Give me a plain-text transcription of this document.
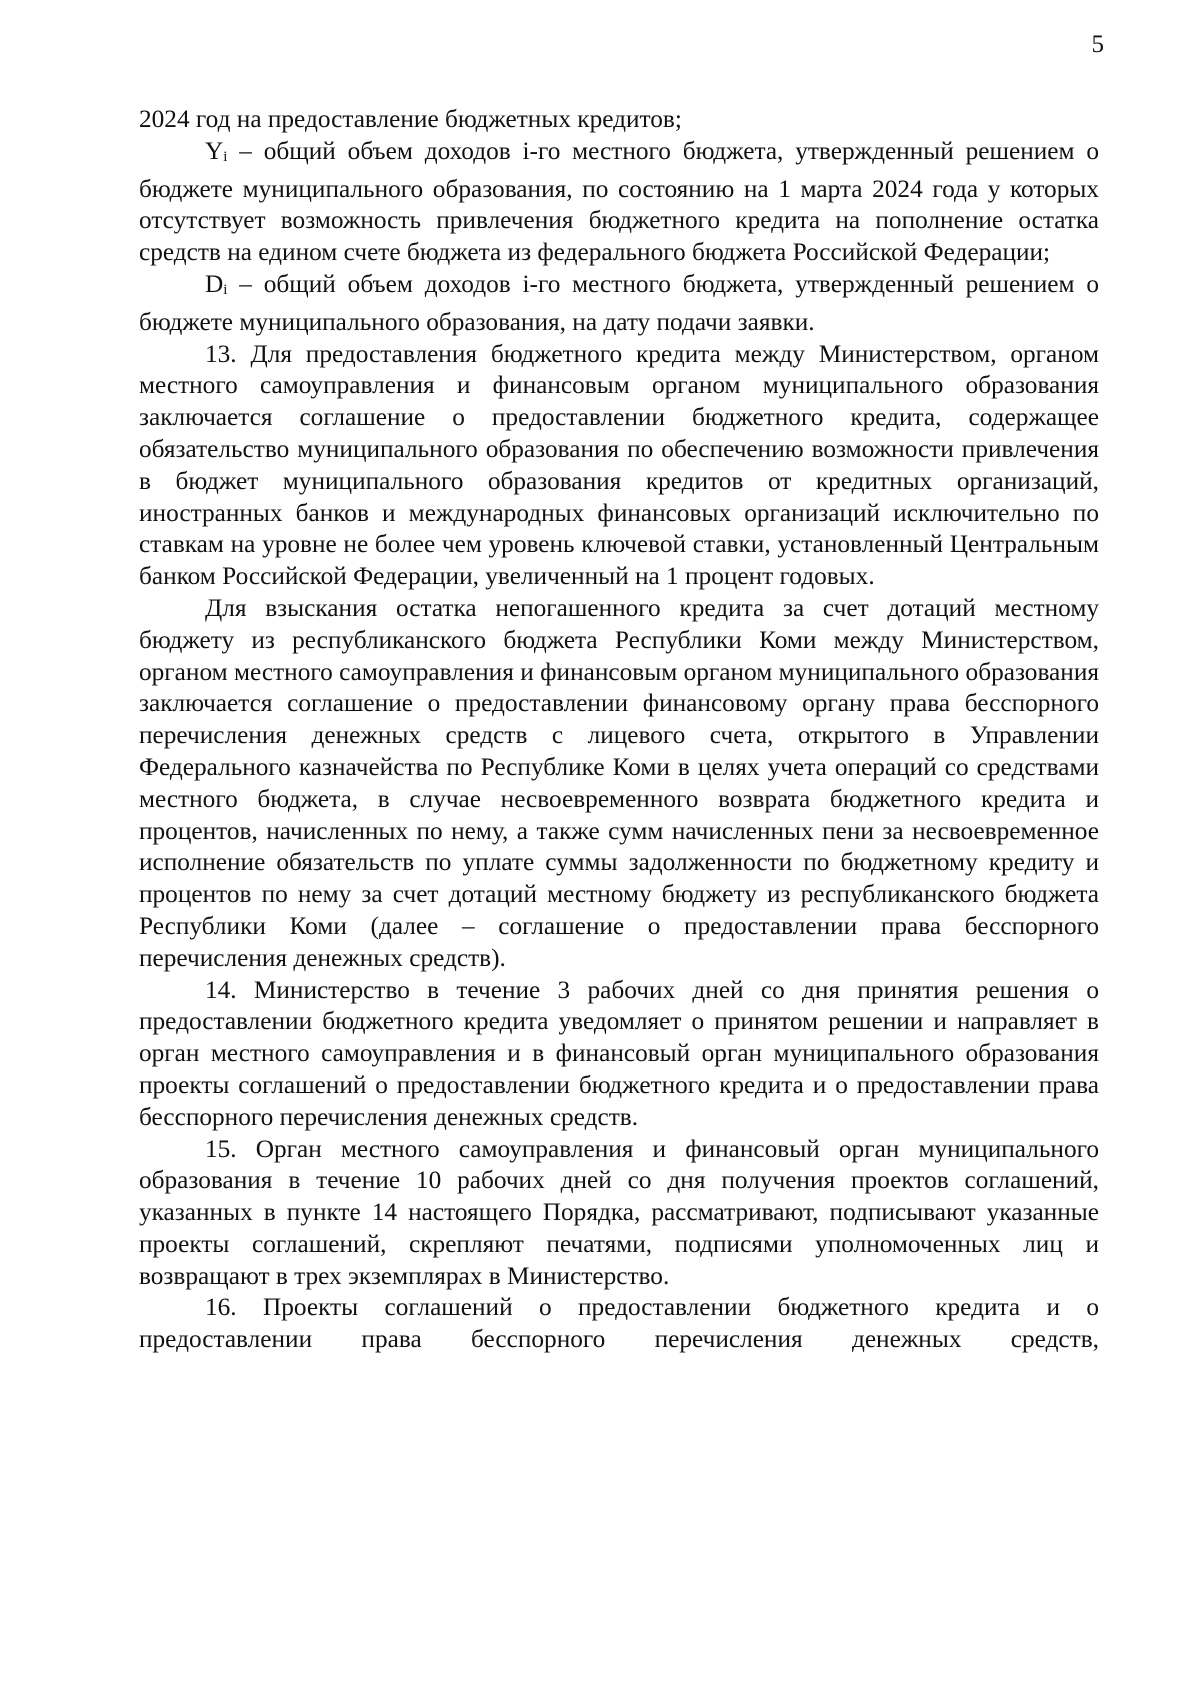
5

2024 год на предоставление бюджетных кредитов;

Yi – общий объем доходов i-го местного бюджета, утвержденный решением о бюджете муниципального образования, по состоянию на 1 марта 2024 года у которых отсутствует возможность привлечения бюджетного кредита на пополнение остатка средств на едином счете бюджета из федерального бюджета Российской Федерации;

Di – общий объем доходов i-го местного бюджета, утвержденный решением о бюджете муниципального образования, на дату подачи заявки.

13. Для предоставления бюджетного кредита между Министерством, органом местного самоуправления и финансовым органом муниципального образования заключается соглашение о предоставлении бюджетного кредита, содержащее обязательство муниципального образования по обеспечению возможности привлечения в бюджет муниципального образования кредитов от кредитных организаций, иностранных банков и международных финансовых организаций исключительно по ставкам на уровне не более чем уровень ключевой ставки, установленный Центральным банком Российской Федерации, увеличенный на 1 процент годовых.

Для взыскания остатка непогашенного кредита за счет дотаций местному бюджету из республиканского бюджета Республики Коми между Министерством, органом местного самоуправления и финансовым органом муниципального образования заключается соглашение о предоставлении финансовому органу права бесспорного перечисления денежных средств с лицевого счета, открытого в Управлении Федерального казначейства по Республике Коми в целях учета операций со средствами местного бюджета, в случае несвоевременного возврата бюджетного кредита и процентов, начисленных по нему, а также сумм начисленных пени за несвоевременное исполнение обязательств по уплате суммы задолженности по бюджетному кредиту и процентов по нему за счет дотаций местному бюджету из республиканского бюджета Республики Коми (далее – соглашение о предоставлении права бесспорного перечисления денежных средств).

14. Министерство в течение 3 рабочих дней со дня принятия решения о предоставлении бюджетного кредита уведомляет о принятом решении и направляет в орган местного самоуправления и в финансовый орган муниципального образования проекты соглашений о предоставлении бюджетного кредита и о предоставлении права бесспорного перечисления денежных средств.

15. Орган местного самоуправления и финансовый орган муниципального образования в течение 10 рабочих дней со дня получения проектов соглашений, указанных в пункте 14 настоящего Порядка, рассматривают, подписывают указанные проекты соглашений, скрепляют печатями, подписями уполномоченных лиц и возвращают в трех экземплярах в Министерство.

16. Проекты соглашений о предоставлении бюджетного кредита и о предоставлении права бесспорного перечисления денежных средств,
